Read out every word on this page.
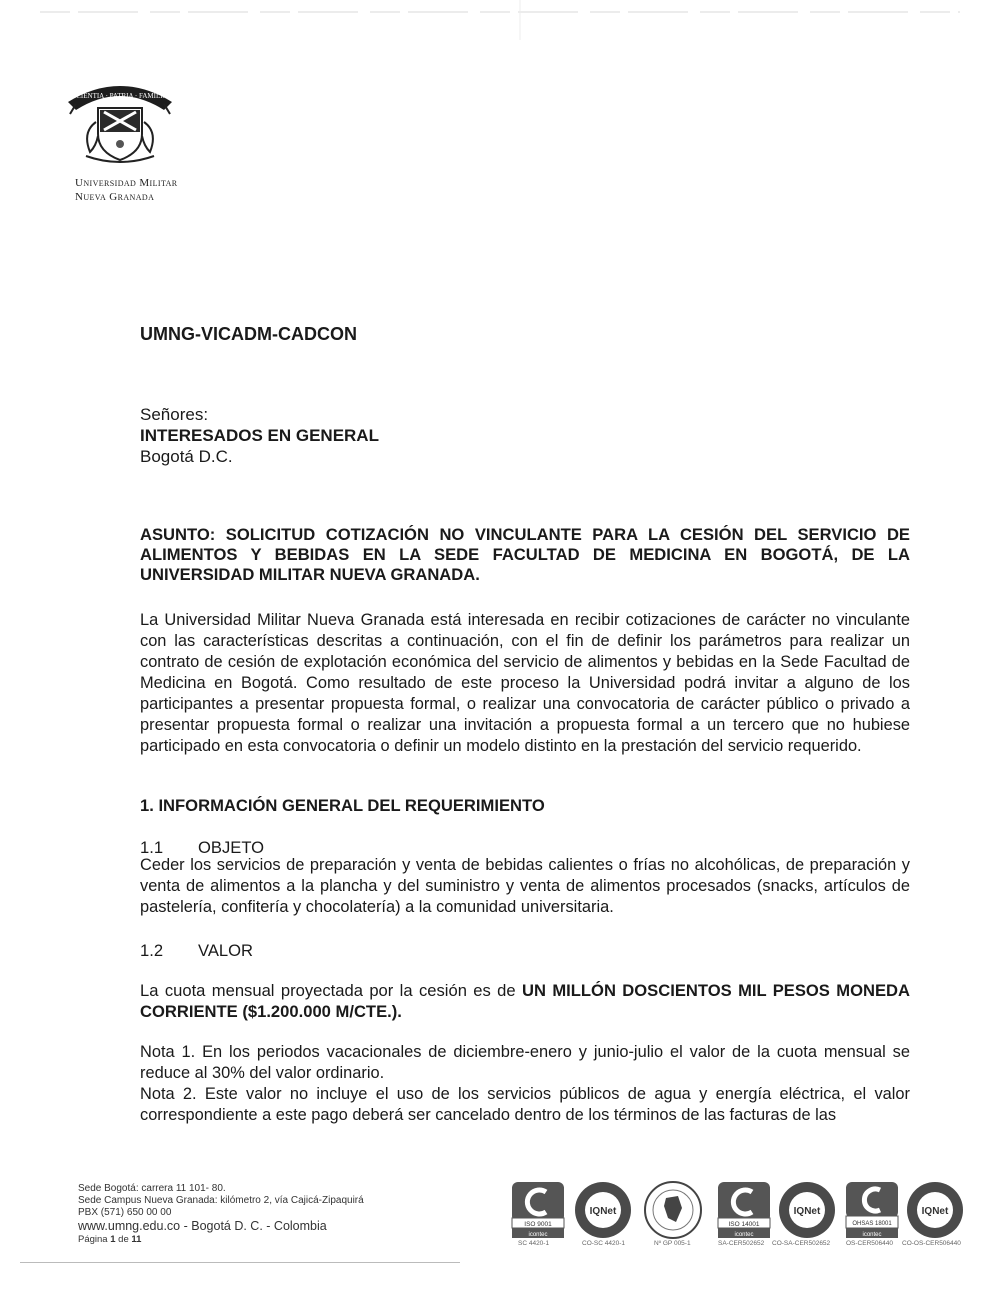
SCIENTIA · PATRIA · FAMILIA
Universidad Militar
Nueva Granada
UMNG-VICADM-CADCON
Señores:
INTERESADOS EN GENERAL
Bogotá D.C.
ASUNTO: SOLICITUD COTIZACIÓN NO VINCULANTE PARA LA CESIÓN DEL SERVICIO DE ALIMENTOS Y BEBIDAS EN LA SEDE FACULTAD DE MEDICINA EN BOGOTÁ, DE LA UNIVERSIDAD MILITAR NUEVA GRANADA.
La Universidad Militar Nueva Granada está interesada en recibir cotizaciones de carácter no vinculante con las características descritas a continuación, con el fin de definir los parámetros para realizar un contrato de cesión de explotación económica del servicio de alimentos y bebidas en la Sede Facultad de Medicina en Bogotá. Como resultado de este proceso la Universidad podrá invitar a alguno de los participantes a presentar propuesta formal, o realizar una convocatoria de carácter público o privado a presentar propuesta formal o realizar una invitación a propuesta formal a un tercero que no hubiese participado en esta convocatoria o definir un modelo distinto en la prestación del servicio requerido.
1. INFORMACIÓN GENERAL DEL REQUERIMIENTO
1.1 OBJETO
Ceder los servicios de preparación y venta de bebidas calientes o frías no alcohólicas, de preparación y venta de alimentos a la plancha y del suministro y venta de alimentos procesados (snacks, artículos de pastelería, confitería y chocolatería) a la comunidad universitaria.
1.2 VALOR
La cuota mensual proyectada por la cesión es de UN MILLÓN DOSCIENTOS MIL PESOS MONEDA CORRIENTE ($1.200.000 M/CTE.).
Nota 1. En los periodos vacacionales de diciembre-enero y junio-julio el valor de la cuota mensual se reduce al 30% del valor ordinario.
Nota 2. Este valor no incluye el uso de los servicios públicos de agua y energía eléctrica, el valor correspondiente a este pago deberá ser cancelado dentro de los términos de las facturas de las
Sede Bogotá: carrera 11 101- 80.
Sede Campus Nueva Granada: kilómetro 2, vía Cajicá-Zipaquirá
PBX (571) 650 00 00
www.umng.edu.co - Bogotá D. C. - Colombia
Página 1 de 11
ISO 9001
icontec
SC 4420-1
IQNet
CO-SC 4420-1	Nº GP 005-1
ISO 14001
icontec
SA-CER502652
IQNet
CO-SA-CER502652
OHSAS 18001
icontec
OS-CER506440
IQNet
CO-OS-CER506440
